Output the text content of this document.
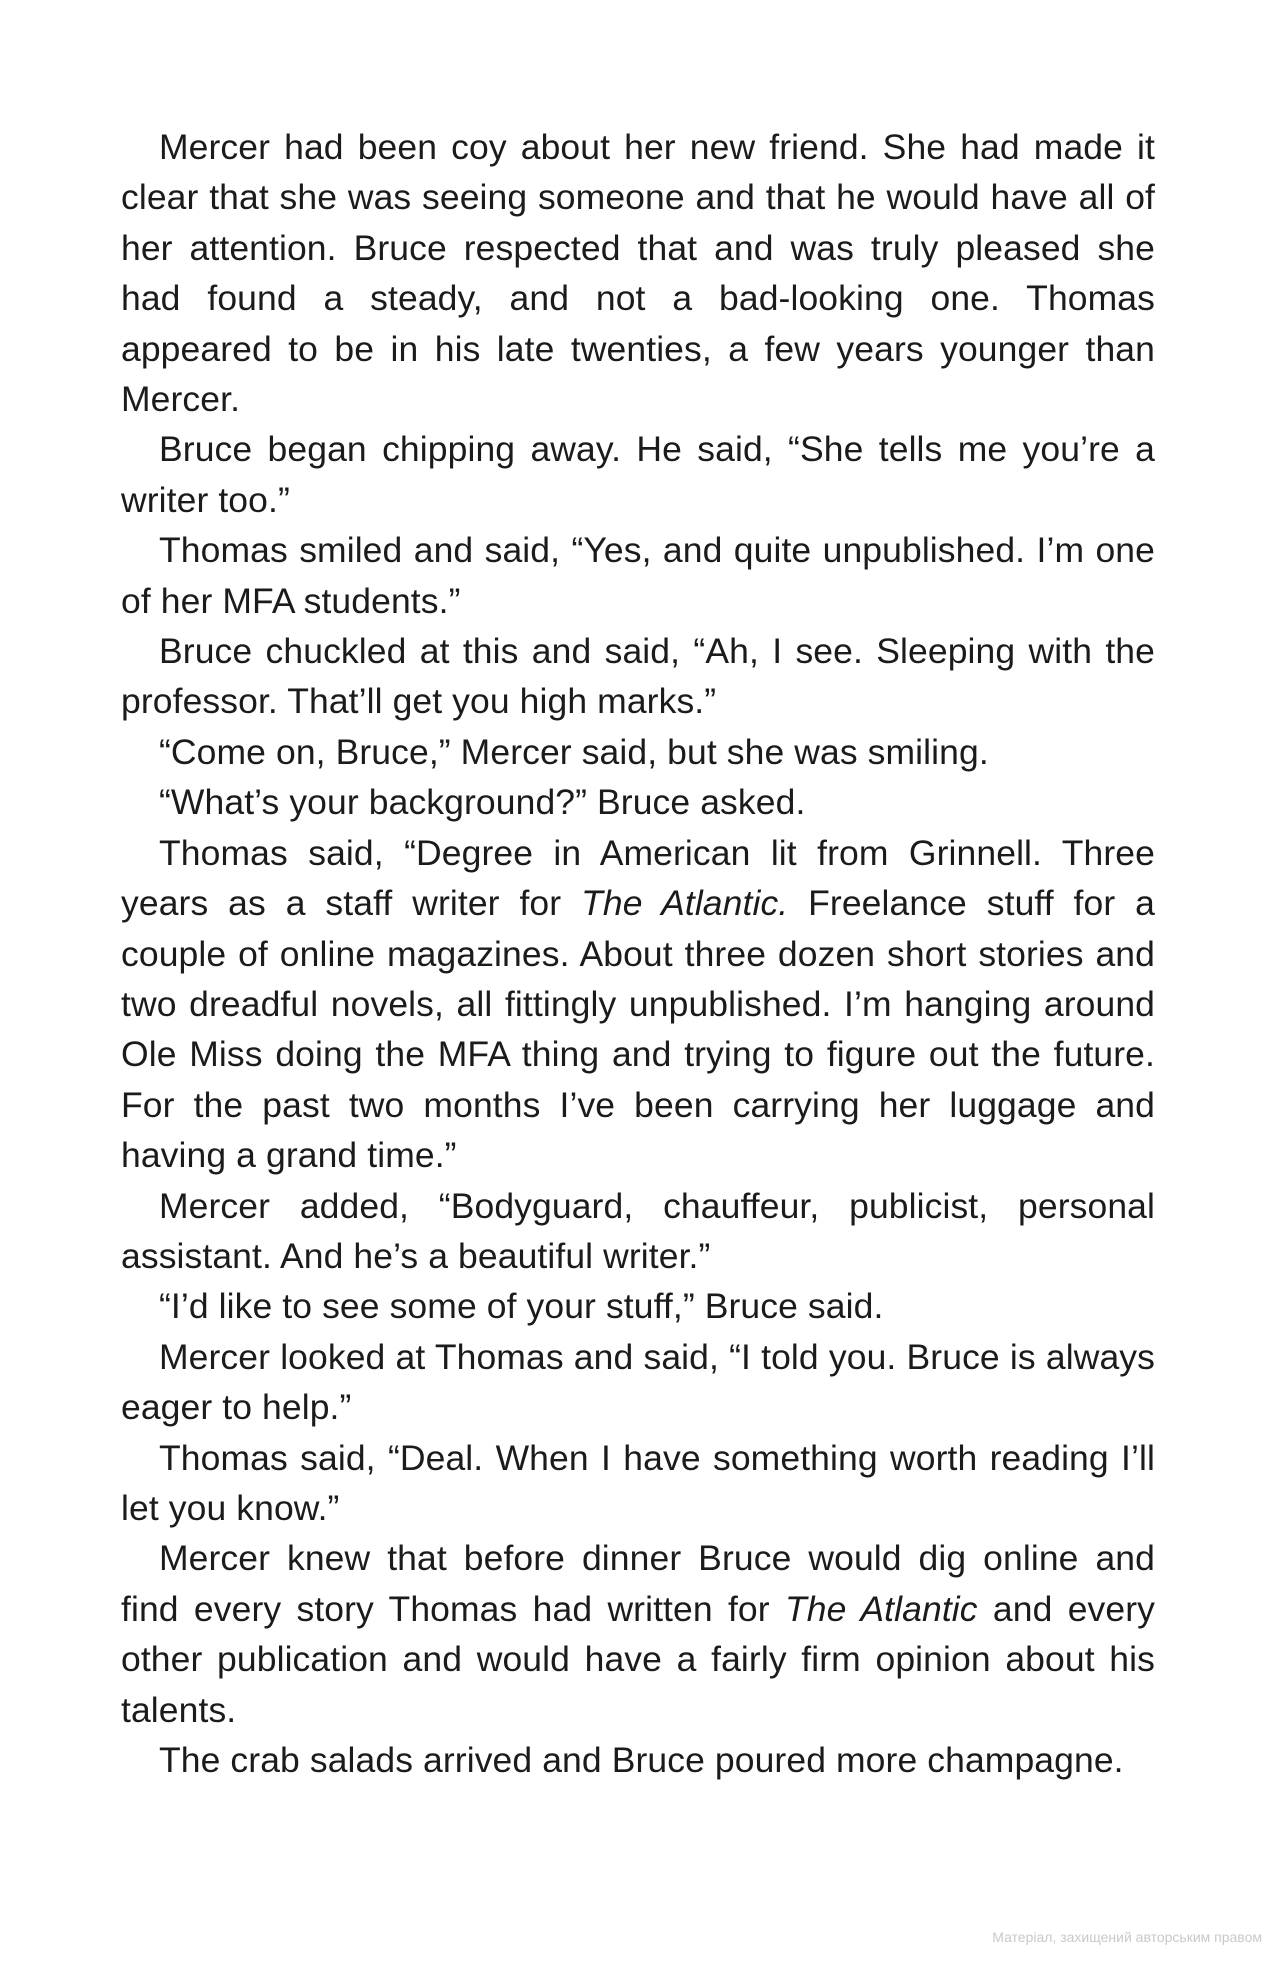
Mercer had been coy about her new friend. She had made it clear that she was seeing someone and that he would have all of her attention. Bruce respected that and was truly pleased she had found a steady, and not a bad-looking one. Thomas appeared to be in his late twenties, a few years younger than Mercer.

Bruce began chipping away. He said, “She tells me you’re a writer too.”

Thomas smiled and said, “Yes, and quite unpublished. I’m one of her MFA students.”

Bruce chuckled at this and said, “Ah, I see. Sleeping with the professor. That’ll get you high marks.”

“Come on, Bruce,” Mercer said, but she was smiling.

“What’s your background?” Bruce asked.

Thomas said, “Degree in American lit from Grinnell. Three years as a staff writer for The Atlantic. Freelance stuff for a couple of online magazines. About three dozen short stories and two dreadful novels, all fittingly unpublished. I’m hanging around Ole Miss doing the MFA thing and trying to figure out the future. For the past two months I’ve been carrying her luggage and having a grand time.”

Mercer added, “Bodyguard, chauffeur, publicist, personal assistant. And he’s a beautiful writer.”

“I’d like to see some of your stuff,” Bruce said.

Mercer looked at Thomas and said, “I told you. Bruce is always eager to help.”

Thomas said, “Deal. When I have something worth reading I’ll let you know.”

Mercer knew that before dinner Bruce would dig online and find every story Thomas had written for The Atlantic and every other publication and would have a fairly firm opinion about his talents.

The crab salads arrived and Bruce poured more champagne.

Матеріал, захищений авторським правом
